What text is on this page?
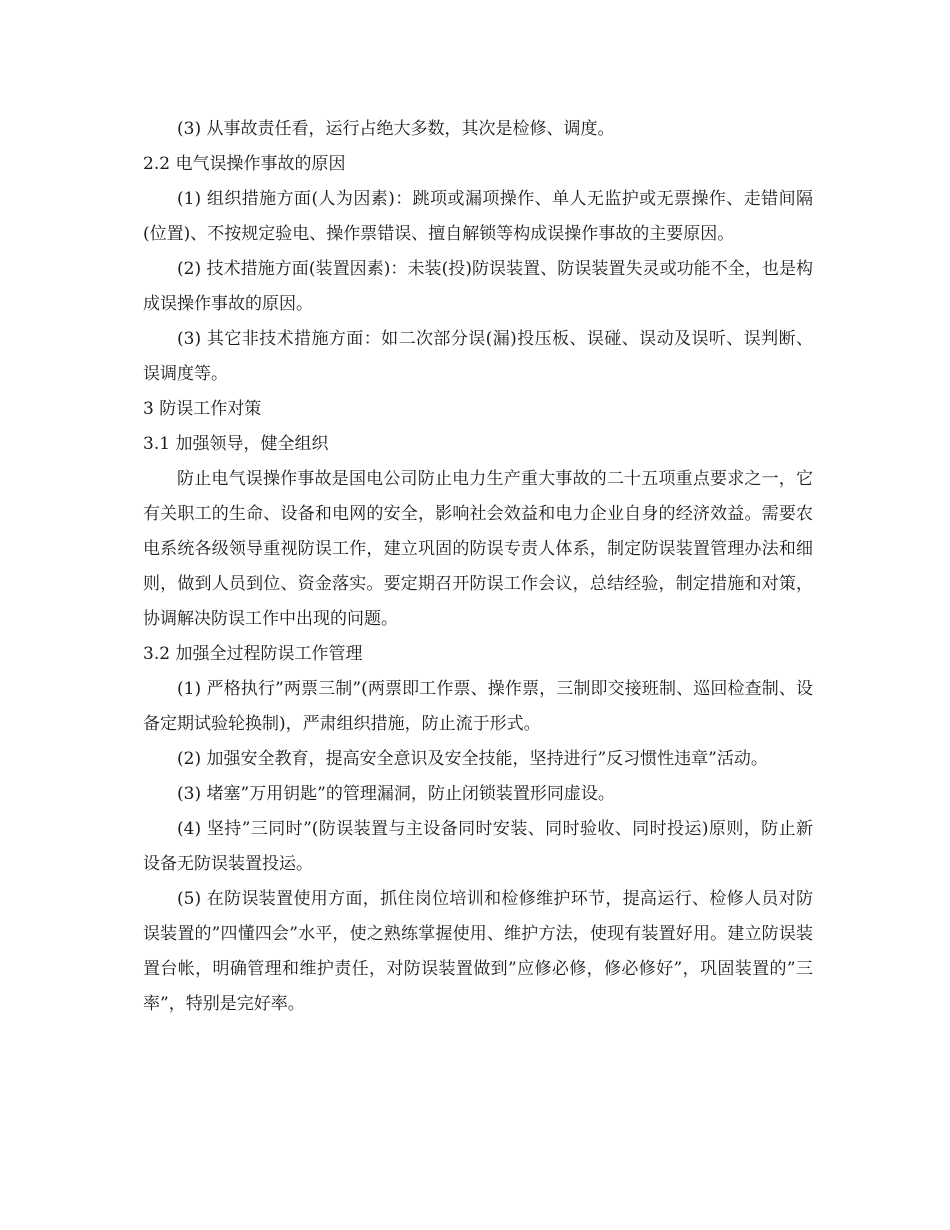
(3) 从事故责任看，运行占绝大多数，其次是检修、调度。

2.2 电气误操作事故的原因

(1) 组织措施方面(人为因素)：跳项或漏项操作、单人无监护或无票操作、走错间隔(位置)、不按规定验电、操作票错误、擅自解锁等构成误操作事故的主要原因。

(2) 技术措施方面(装置因素)：未装(投)防误装置、防误装置失灵或功能不全，也是构成误操作事故的原因。

(3) 其它非技术措施方面：如二次部分误(漏)投压板、误碰、误动及误听、误判断、误调度等。

3 防误工作对策

3.1 加强领导，健全组织

防止电气误操作事故是国电公司防止电力生产重大事故的二十五项重点要求之一，它有关职工的生命、设备和电网的安全，影响社会效益和电力企业自身的经济效益。需要农电系统各级领导重视防误工作，建立巩固的防误专责人体系，制定防误装置管理办法和细则，做到人员到位、资金落实。要定期召开防误工作会议，总结经验，制定措施和对策，协调解决防误工作中出现的问题。

3.2 加强全过程防误工作管理

(1) 严格执行”两票三制”(两票即工作票、操作票，三制即交接班制、巡回检查制、设备定期试验轮换制)，严肃组织措施，防止流于形式。

(2) 加强安全教育，提高安全意识及安全技能，坚持进行”反习惯性违章”活动。

(3) 堵塞”万用钥匙”的管理漏洞，防止闭锁装置形同虚设。

(4) 坚持”三同时”(防误装置与主设备同时安装、同时验收、同时投运)原则，防止新设备无防误装置投运。

(5) 在防误装置使用方面，抓住岗位培训和检修维护环节，提高运行、检修人员对防误装置的”四懂四会”水平，使之熟练掌握使用、维护方法，使现有装置好用。建立防误装置台帐，明确管理和维护责任，对防误装置做到”应修必修，修必修好”，巩固装置的”三率”，特别是完好率。
